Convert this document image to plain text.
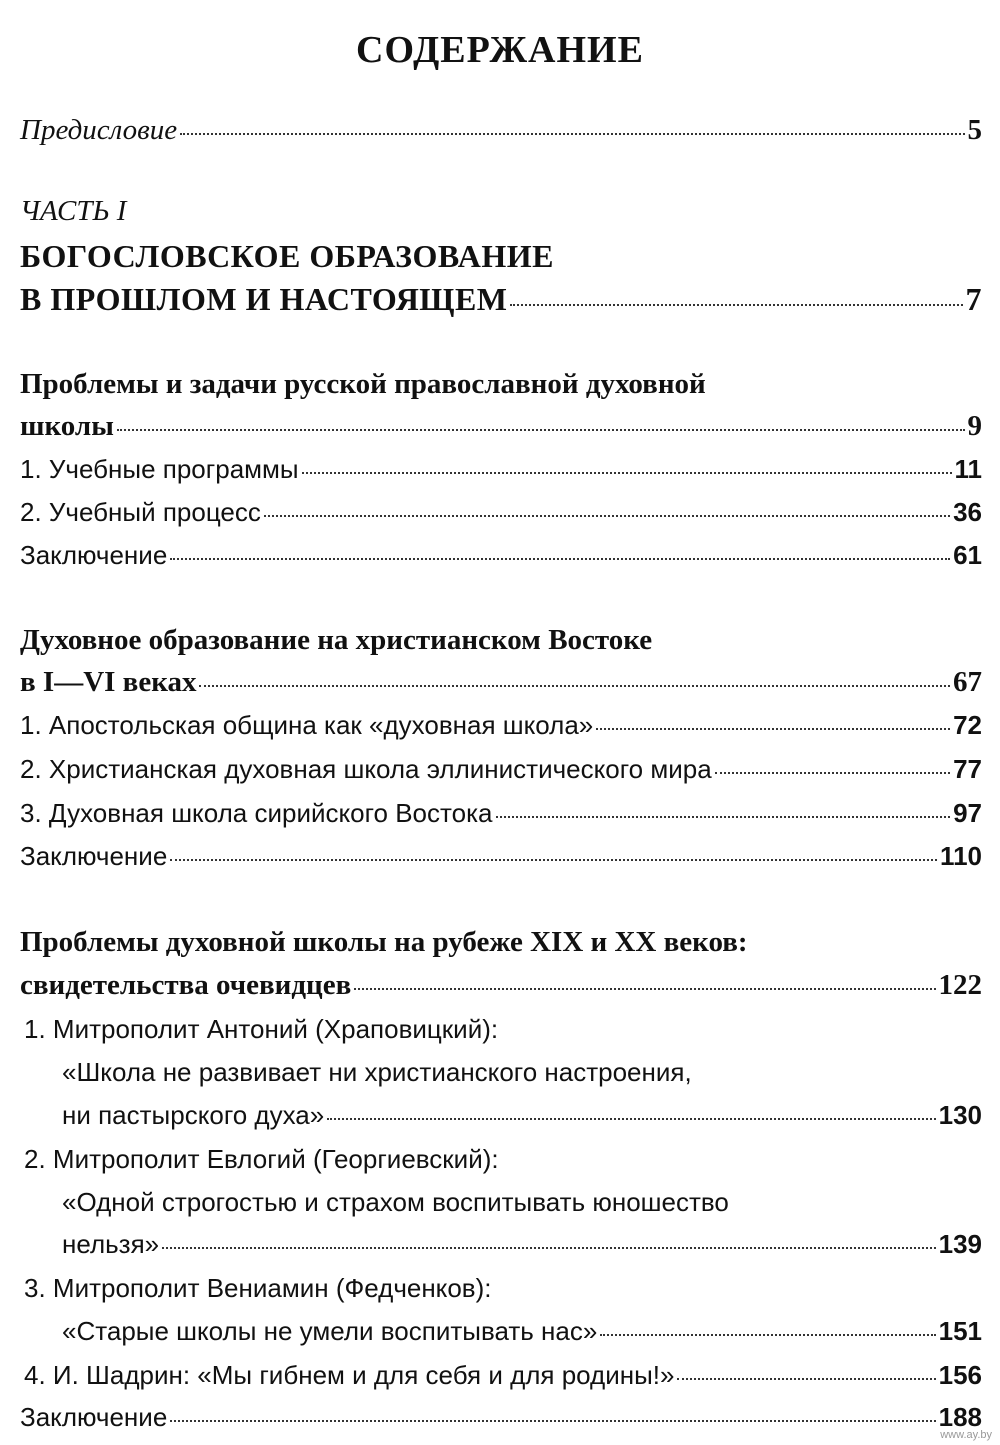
СОДЕРЖАНИЕ
Предисловие	5
ЧАСТЬ I
БОГОСЛОВСКОЕ ОБРАЗОВАНИЕ
В ПРОШЛОМ И НАСТОЯЩЕМ	7
Проблемы и задачи русской православной духовной
школы	9
1. Учебные программы	11
2. Учебный процесс	36
Заключение	61
Духовное образование на христианском Востоке
в I—VI веках	67
1. Апостольская община как «духовная школа»	72
2. Христианская духовная школа эллинистического мира	77
3. Духовная школа сирийского Востока	97
Заключение	110
Проблемы духовной школы на рубеже XIX и XX веков:
свидетельства очевидцев	122
1. Митрополит Антоний (Храповицкий):
«Школа не развивает ни христианского настроения,
ни пастырского духа»	130
2. Митрополит Евлогий (Георгиевский):
«Одной строгостью и страхом воспитывать юношество
нельзя»	139
3. Митрополит Вениамин (Федченков):
«Старые школы не умели воспитывать нас»	151
4. И. Шадрин: «Мы гибнем и для себя и для родины!»	156
Заключение	188
www.ay.by
